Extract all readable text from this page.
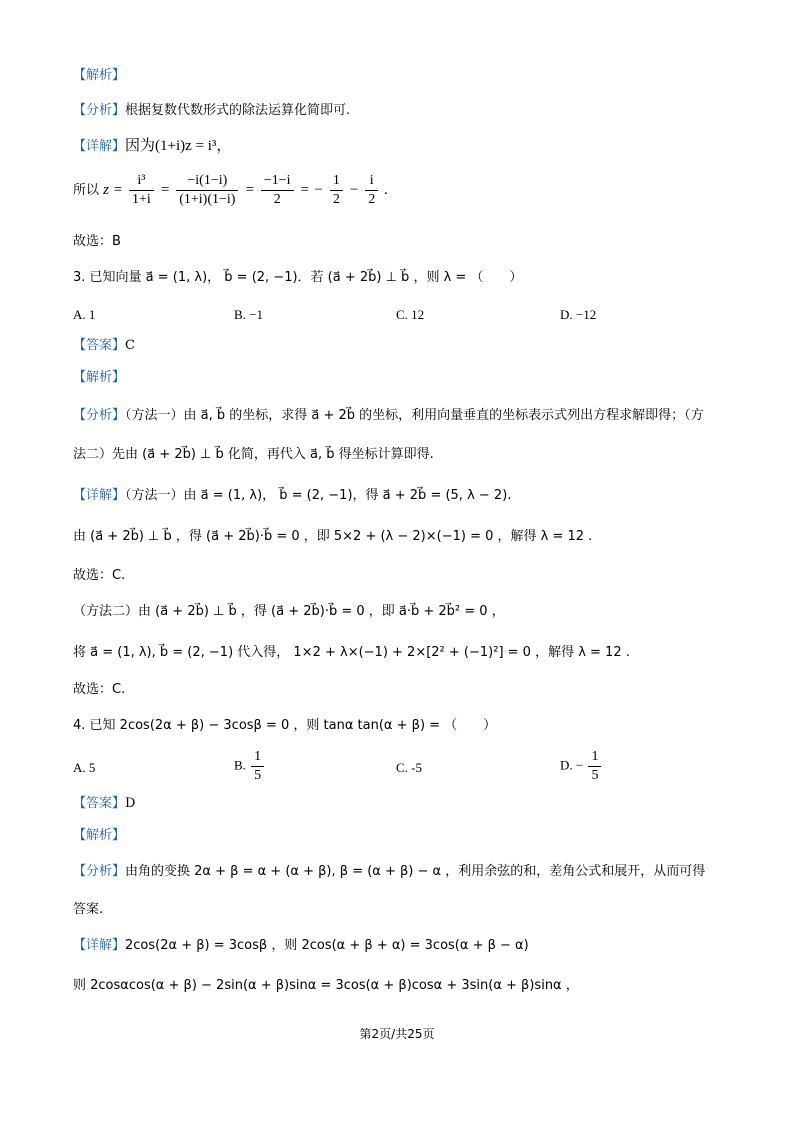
【解析】
【分析】根据复数代数形式的除法运算化简即可.
【详解】因为(1+i)z = i³，
所以 $z = \frac{\text{i³}}{1+i} = \frac{-i(1-i)}{(1+i)(1-i)} = \frac{-1-i}{2}$ = − $\frac{1}{2} - \frac{i}{2}$ .
故选：B
3. 已知向量 a⃗ = (1, λ)， b⃗ = (2, −1)．若 (a⃗ + 2b⃗) ⊥ b⃗ ，则 λ = （　　）
A. 1	B. −1	C. 12	D. −12
【答案】C
【解析】
【分析】（方法一）由 a⃗, b⃗ 的坐标，求得 a⃗ + 2b⃗ 的坐标，利用向量垂直的坐标表示式列出方程求解即得；（方
法二）先由 (a⃗ + 2b⃗) ⊥ b⃗ 化简，再代入 a⃗, b⃗ 得坐标计算即得.
【详解】（方法一）由 a⃗ = (1, λ)， b⃗ = (2, −1)，得 a⃗ + 2b⃗ = (5, λ − 2).
由 (a⃗ + 2b⃗) ⊥ b⃗ ，得 (a⃗ + 2b⃗)·b⃗ = 0 ，即 5×2 + (λ − 2)×(−1) = 0 ，解得 λ = 12 .
故选：C.
（方法二）由 (a⃗ + 2b⃗) ⊥ b⃗ ，得 (a⃗ + 2b⃗)·b⃗ = 0 ，即 a⃗·b⃗ + 2b⃗² = 0 ，
将 a⃗ = (1, λ), b⃗ = (2, −1) 代入得， 1×2 + λ×(−1) + 2×[2² + (−1)²] = 0 ，解得 λ = 12 .
故选：C.
4. 已知 2cos(2α + β) − 3cosβ = 0 ，则 tanα tan(α + β) = （　　）
A. 5	B. $\frac{1}{5}$	C. -5	D. − $\frac{1}{5}$
【答案】D
【解析】
【分析】由角的变换 2α + β = α + (α + β), β = (α + β) − α ，利用余弦的和，差角公式和展开，从而可得
答案.
【详解】2cos(2α + β) = 3cosβ ，则 2cos(α + β + α) = 3cos(α + β − α)
则 2cosαcos(α + β) − 2sin(α + β)sinα = 3cos(α + β)cosα + 3sin(α + β)sinα ，
第2页/共25页
